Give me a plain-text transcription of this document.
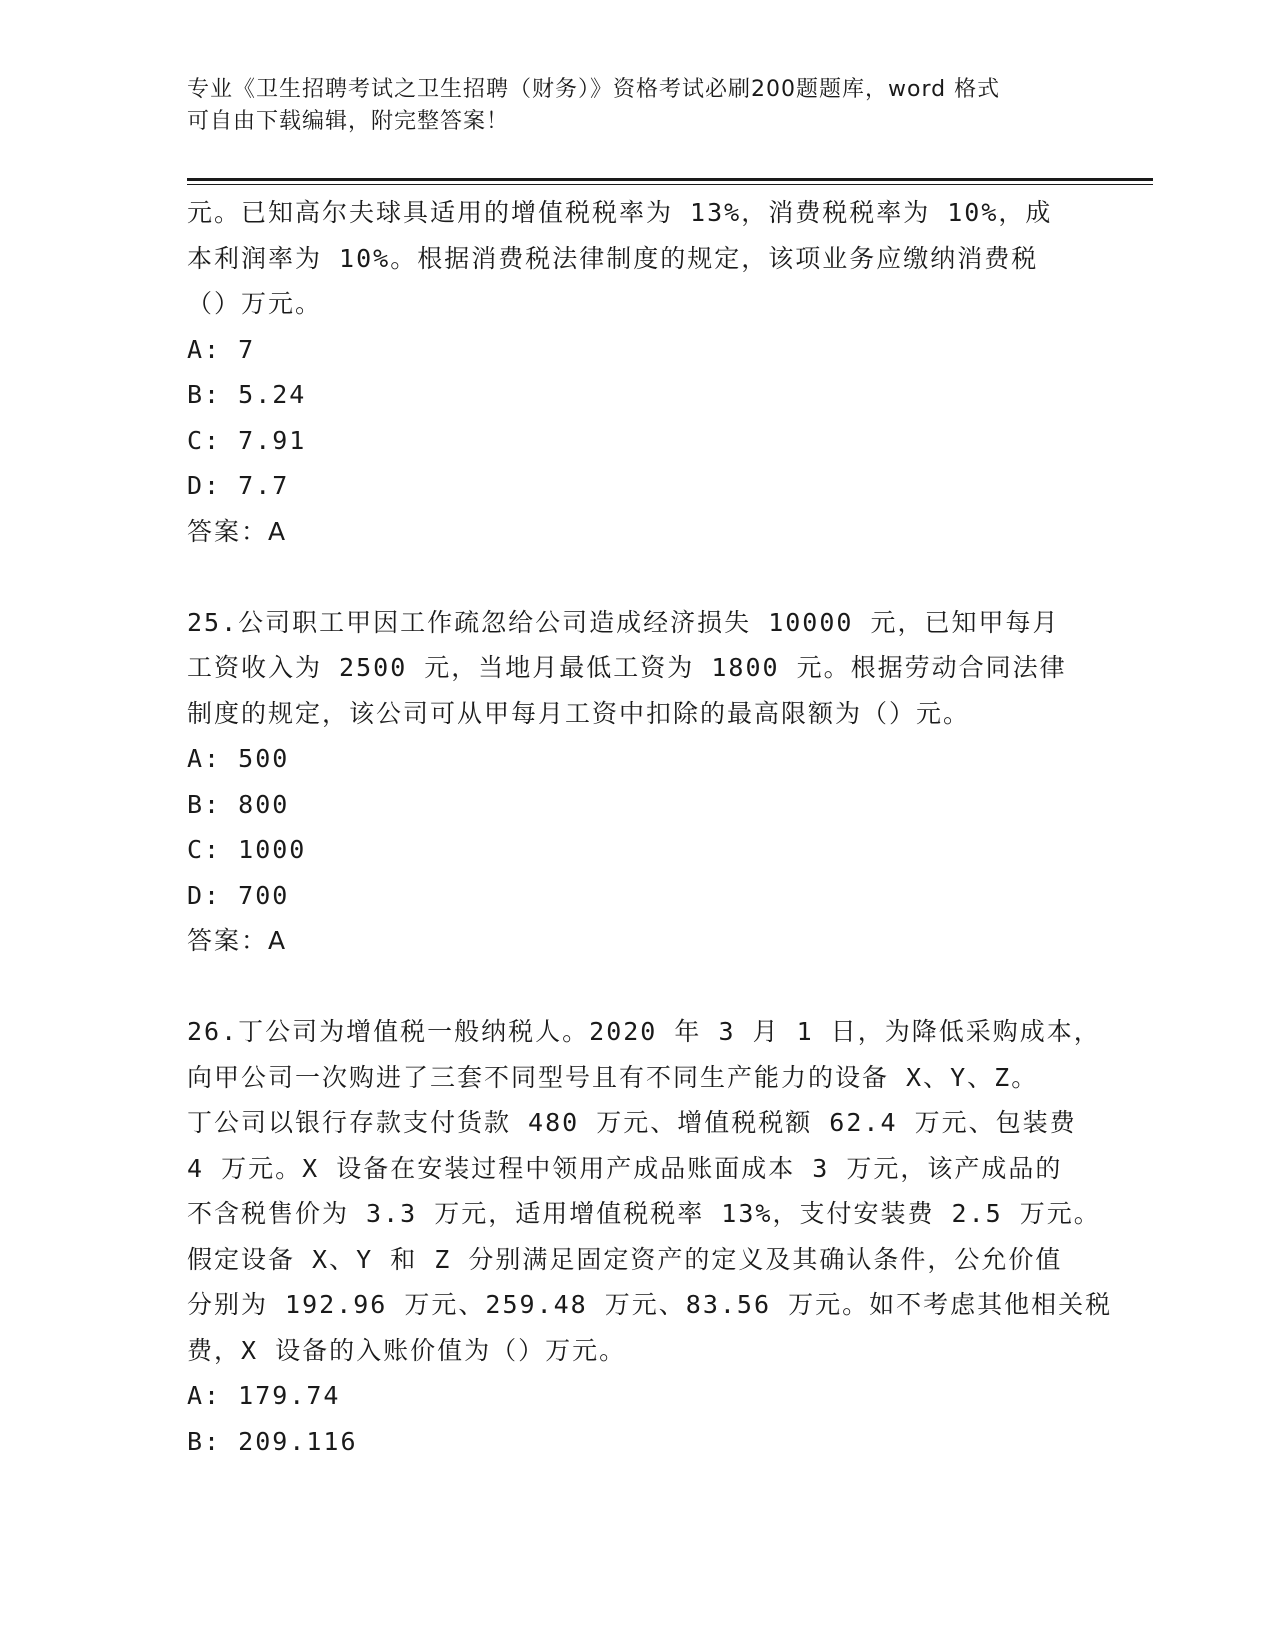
专业《卫生招聘考试之卫生招聘（财务）》资格考试必刷200题题库，word 格式
可自由下载编辑，附完整答案！
元。已知高尔夫球具适用的增值税税率为 13%，消费税税率为 10%，成
本利润率为 10%。根据消费税法律制度的规定，该项业务应缴纳消费税
（）万元。
A: 7
B: 5.24
C: 7.91
D: 7.7
答案：A
25.公司职工甲因工作疏忽给公司造成经济损失 10000 元，已知甲每月
工资收入为 2500 元，当地月最低工资为 1800 元。根据劳动合同法律
制度的规定，该公司可从甲每月工资中扣除的最高限额为（）元。
A: 500
B: 800
C: 1000
D: 700
答案：A
26.丁公司为增值税一般纳税人。2020 年 3 月 1 日，为降低采购成本，
向甲公司一次购进了三套不同型号且有不同生产能力的设备 X、Y、Z。
丁公司以银行存款支付货款 480 万元、增值税税额 62.4 万元、包装费
4 万元。X 设备在安装过程中领用产成品账面成本 3 万元，该产成品的
不含税售价为 3.3 万元，适用增值税税率 13%，支付安装费 2.5 万元。
假定设备 X、Y 和 Z 分别满足固定资产的定义及其确认条件，公允价值
分别为 192.96 万元、259.48 万元、83.56 万元。如不考虑其他相关税
费，X 设备的入账价值为（）万元。
A: 179.74
B: 209.116
